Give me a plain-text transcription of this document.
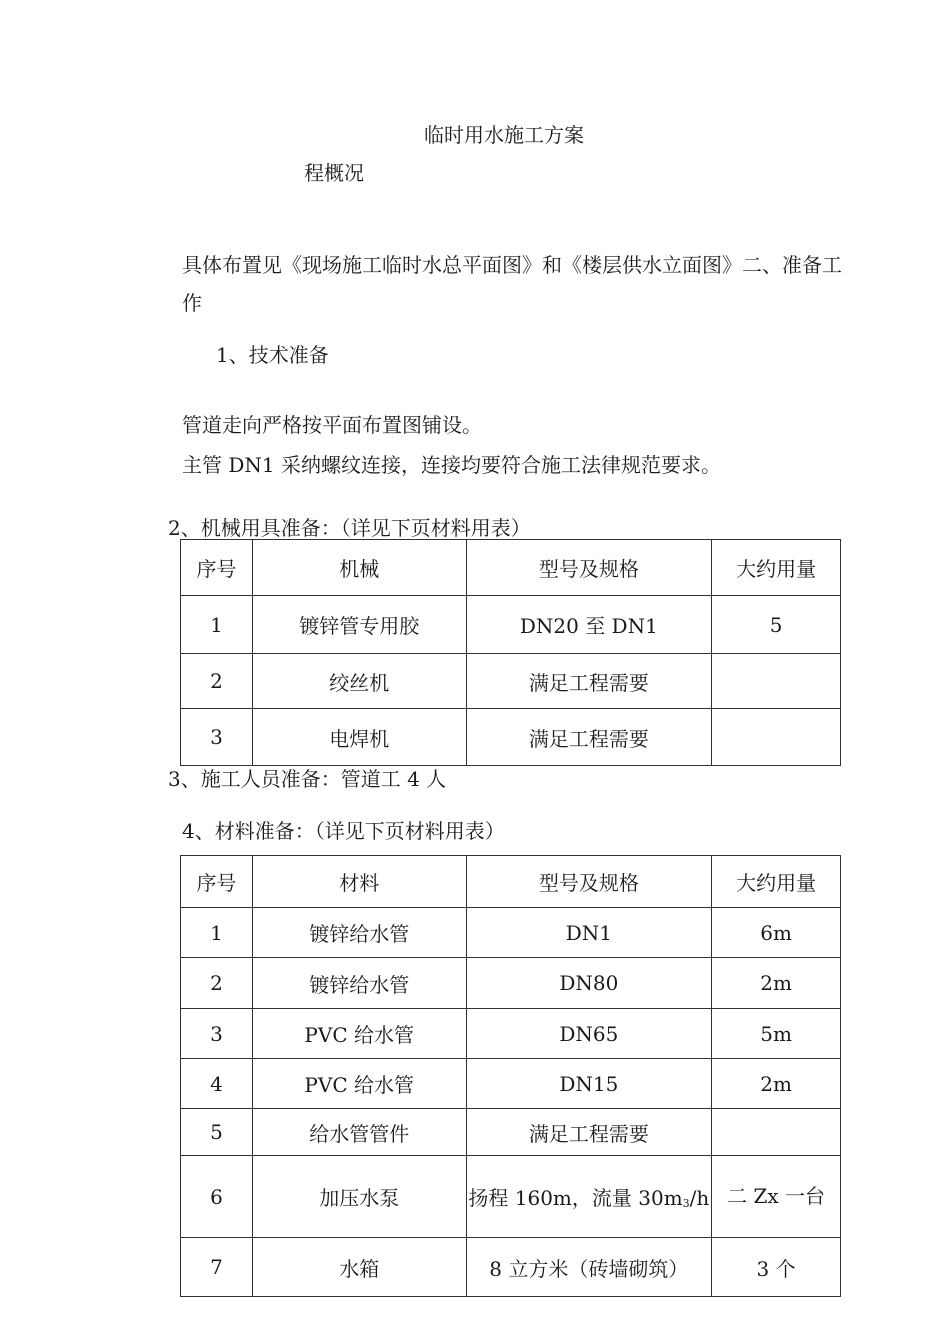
临时用水施工方案
程概况
具体布置见《现场施工临时水总平面图》和《楼层供水立面图》二、准备工
作
1、技术准备
管道走向严格按平面布置图铺设。
主管 DN1 采纳螺纹连接，连接均要符合施工法律规范要求。
2、机械用具准备：（详见下页材料用表）
序号	机械	型号及规格	大约用量
1	镀锌管专用胶	DN20 至 DN1	5
2	绞丝机	满足工程需要	
3	电焊机	满足工程需要	
3、施工人员准备：管道工 4 人
4、材料准备：（详见下页材料用表）
序号	材料	型号及规格	大约用量
1	镀锌给水管	DN1	6m
2	镀锌给水管	DN80	2m
3	PVC 给水管	DN65	5m
4	PVC 给水管	DN15	2m
5	给水管管件	满足工程需要	
6	加压水泵	扬程 160m，流量 $30m_3/h$	二 Zx 一台
7	水箱	8 立方米（砖墙砌筑）	3 个
